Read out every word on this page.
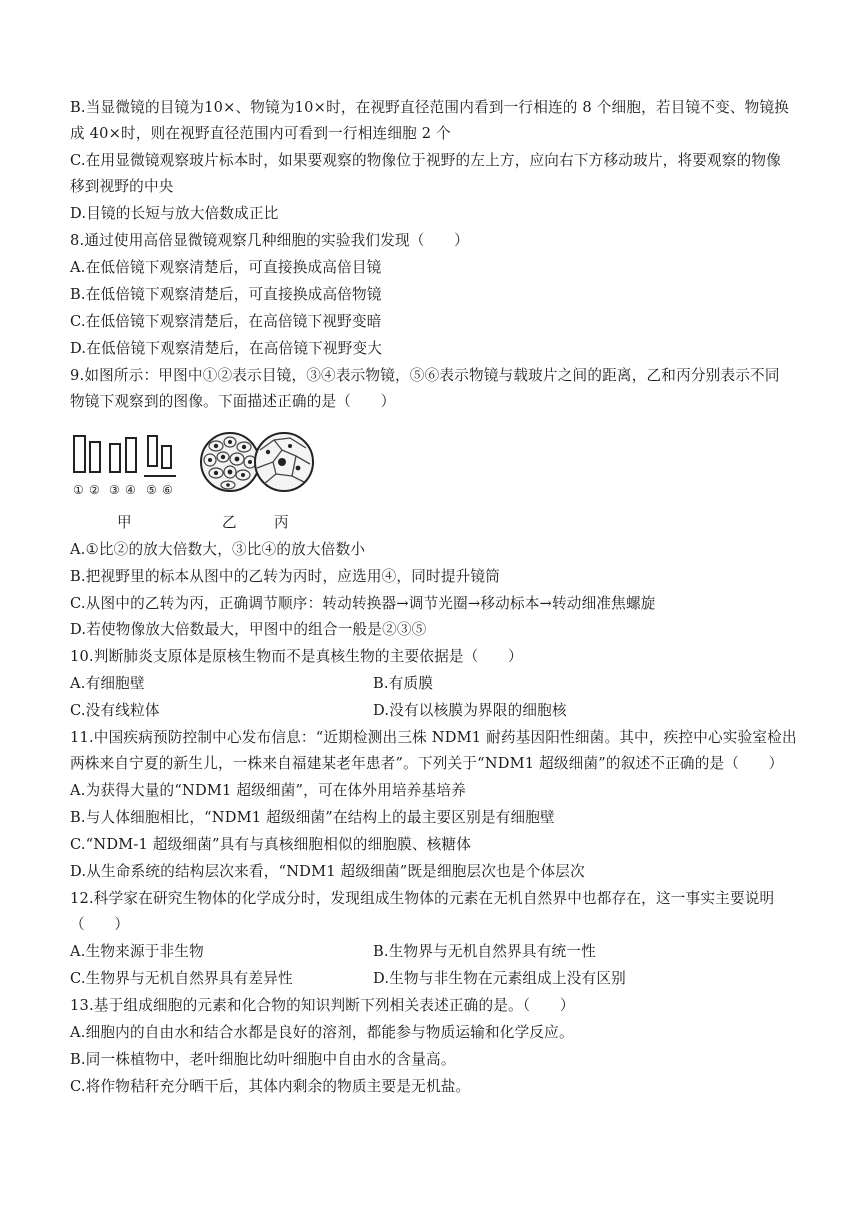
B.当显微镜的目镜为10×、物镜为10×时，在视野直径范围内看到一行相连的 8 个细胞，若目镜不变、物镜换
成 40×时，则在视野直径范围内可看到一行相连细胞 2 个
C.在用显微镜观察玻片标本时，如果要观察的物像位于视野的左上方，应向右下方移动玻片，将要观察的物像
移到视野的中央
D.目镜的长短与放大倍数成正比
8.通过使用高倍显微镜观察几种细胞的实验我们发现（　　）
A.在低倍镜下观察清楚后，可直接换成高倍目镜
B.在低倍镜下观察清楚后，可直接换成高倍物镜
C.在低倍镜下观察清楚后，在高倍镜下视野变暗
D.在低倍镜下观察清楚后，在高倍镜下视野变大
9.如图所示：甲图中①②表示目镜，③④表示物镜，⑤⑥表示物镜与载玻片之间的距离，乙和丙分别表示不同
物镜下观察到的图像。下面描述正确的是（　　）
① ② ③ ④ ⑤ ⑥
甲	乙	丙
A.①比②的放大倍数大，③比④的放大倍数小
B.把视野里的标本从图中的乙转为丙时，应选用④，同时提升镜筒
C.从图中的乙转为丙，正确调节顺序：转动转换器→调节光圈→移动标本→转动细准焦螺旋
D.若使物像放大倍数最大，甲图中的组合一般是②③⑤
10.判断肺炎支原体是原核生物而不是真核生物的主要依据是（　　）
A.有细胞壁	B.有质膜
C.没有线粒体	D.没有以核膜为界限的细胞核
11.中国疾病预防控制中心发布信息：“近期检测出三株 NDM1 耐药基因阳性细菌。其中，疾控中心实验室检出
两株来自宁夏的新生儿，一株来自福建某老年患者”。下列关于“NDM1 超级细菌”的叙述不正确的是（　　）
A.为获得大量的“NDM1 超级细菌”，可在体外用培养基培养
B.与人体细胞相比，“NDM1 超级细菌”在结构上的最主要区别是有细胞壁
C.“NDM-1 超级细菌”具有与真核细胞相似的细胞膜、核糖体
D.从生命系统的结构层次来看，“NDM1 超级细菌”既是细胞层次也是个体层次
12.科学家在研究生物体的化学成分时，发现组成生物体的元素在无机自然界中也都存在，这一事实主要说明
（　　）
A.生物来源于非生物	B.生物界与无机自然界具有统一性
C.生物界与无机自然界具有差异性	D.生物与非生物在元素组成上没有区别
13.基于组成细胞的元素和化合物的知识判断下列相关表述正确的是。（　　）
A.细胞内的自由水和结合水都是良好的溶剂，都能参与物质运输和化学反应。
B.同一株植物中，老叶细胞比幼叶细胞中自由水的含量高。
C.将作物秸秆充分晒干后，其体内剩余的物质主要是无机盐。
